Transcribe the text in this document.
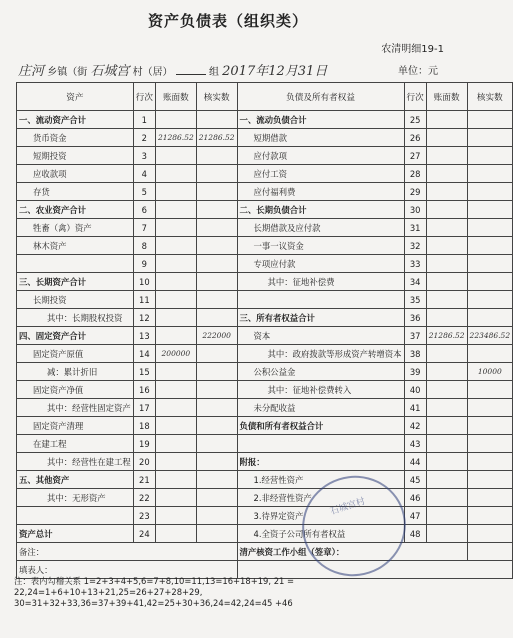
资产负债表（组织类）
农清明细19-1
庄河 乡镇（街 石城宫 村（居）	组 2017年12月31日	单位：元
资产	行次	账面数	核实数	负债及所有者权益	行次	账面数	核实数
一、流动资产合计	1			一、流动负债合计	25		
货币资金	2	21286.52	21286.52	短期借款	26		
短期投资	3			应付款项	27		
应收款项	4			应付工资	28		
存货	5			应付福利费	29		
二、农业资产合计	6			二、长期负债合计	30		
牲畜（禽）资产	7			长期借款及应付款	31		
林木资产	8			一事一议资金	32		
	9			专项应付款	33		
三、长期资产合计	10			其中：征地补偿费	34		
长期投资	11				35		
其中：长期股权投资	12			三、所有者权益合计	36		
四、固定资产合计	13		222000	资本	37	21286.52	223486.52
固定资产原值	14	200000		其中：政府拨款等形成资产转增资本	38		
减：累计折旧	15			公积公益金	39		10000
固定资产净值	16			其中：征地补偿费转入	40		
其中：经营性固定资产	17			未分配收益	41		
固定资产清理	18			负债和所有者权益合计	42		
在建工程	19				43		
其中：经营性在建工程	20			附报：	44		
五、其他资产	21			1.经营性资产	45		
其中：无形资产	22			2.非经营性资产	46		
	23			3.待界定资产	47		
资产总计	24			4.全资子公司所有者权益	48		
备注：				清产核资工作小组（签章）：			
填表人：							
石城宫村
注：表内勾稽关系 1=2+3+4+5,6=7+8,10=11,13=16+18+19, 21 = 22,24=1+6+10+13+21,25=26+27+28+29,
30=31+32+33,36=37+39+41,42=25+30+36,24=42,24=45 +46
